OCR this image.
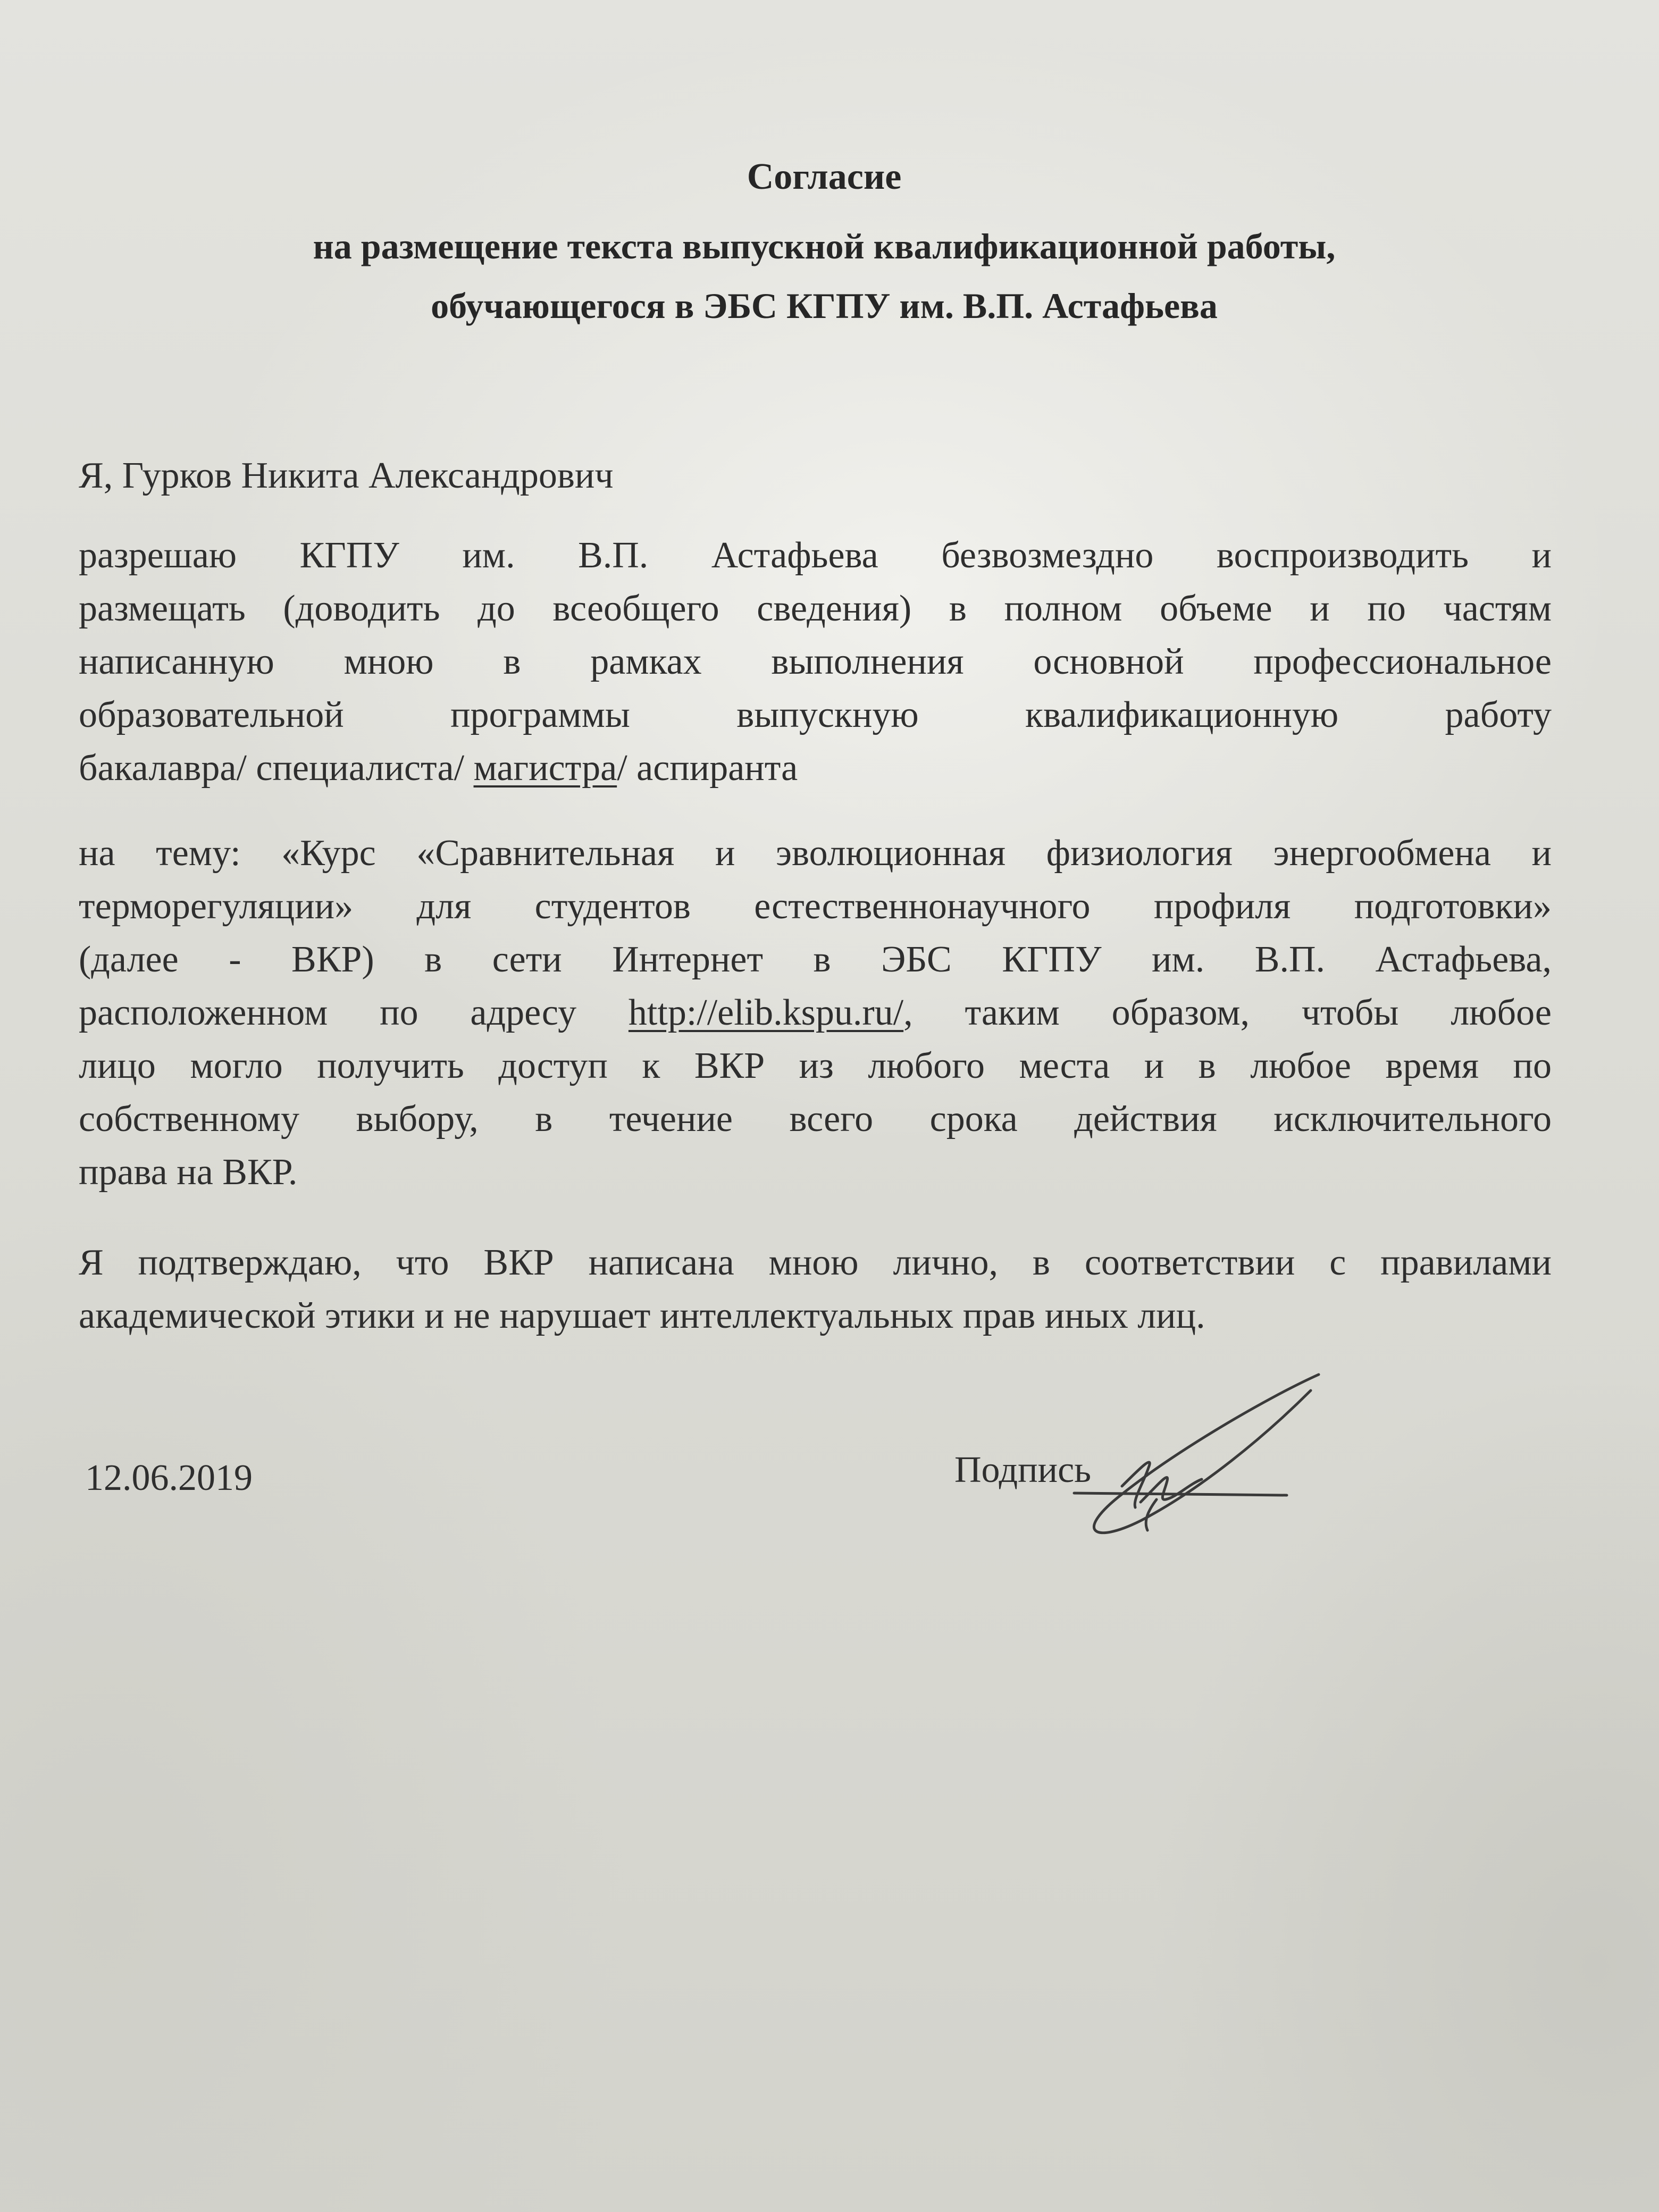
Согласие
на размещение текста выпускной квалификационной работы,
обучающегося в ЭБС КГПУ им. В.П. Астафьева
Я, Гурков Никита Александрович
разрешаю КГПУ им. В.П. Астафьева безвозмездно воспроизводить и
размещать (доводить до всеобщего сведения) в полном объеме и по частям
написанную мною в рамках выполнения основной профессиональное
образовательной программы выпускную квалификационную работу
бакалавра/ специалиста/ магистра/ аспиранта
на тему: «Курс «Сравнительная и эволюционная физиология энергообмена и
терморегуляции» для студентов естественнонаучного профиля подготовки»
(далее - ВКР) в сети Интернет в ЭБС КГПУ им. В.П. Астафьева,
расположенном по адресу http://elib.kspu.ru/, таким образом, чтобы любое
лицо могло получить доступ к ВКР из любого места и в любое время по
собственному выбору, в течение всего срока действия исключительного
права на ВКР.
Я подтверждаю, что ВКР написана мною лично, в соответствии с правилами
академической этики и не нарушает интеллектуальных прав иных лиц.
12.06.2019	Подпись
